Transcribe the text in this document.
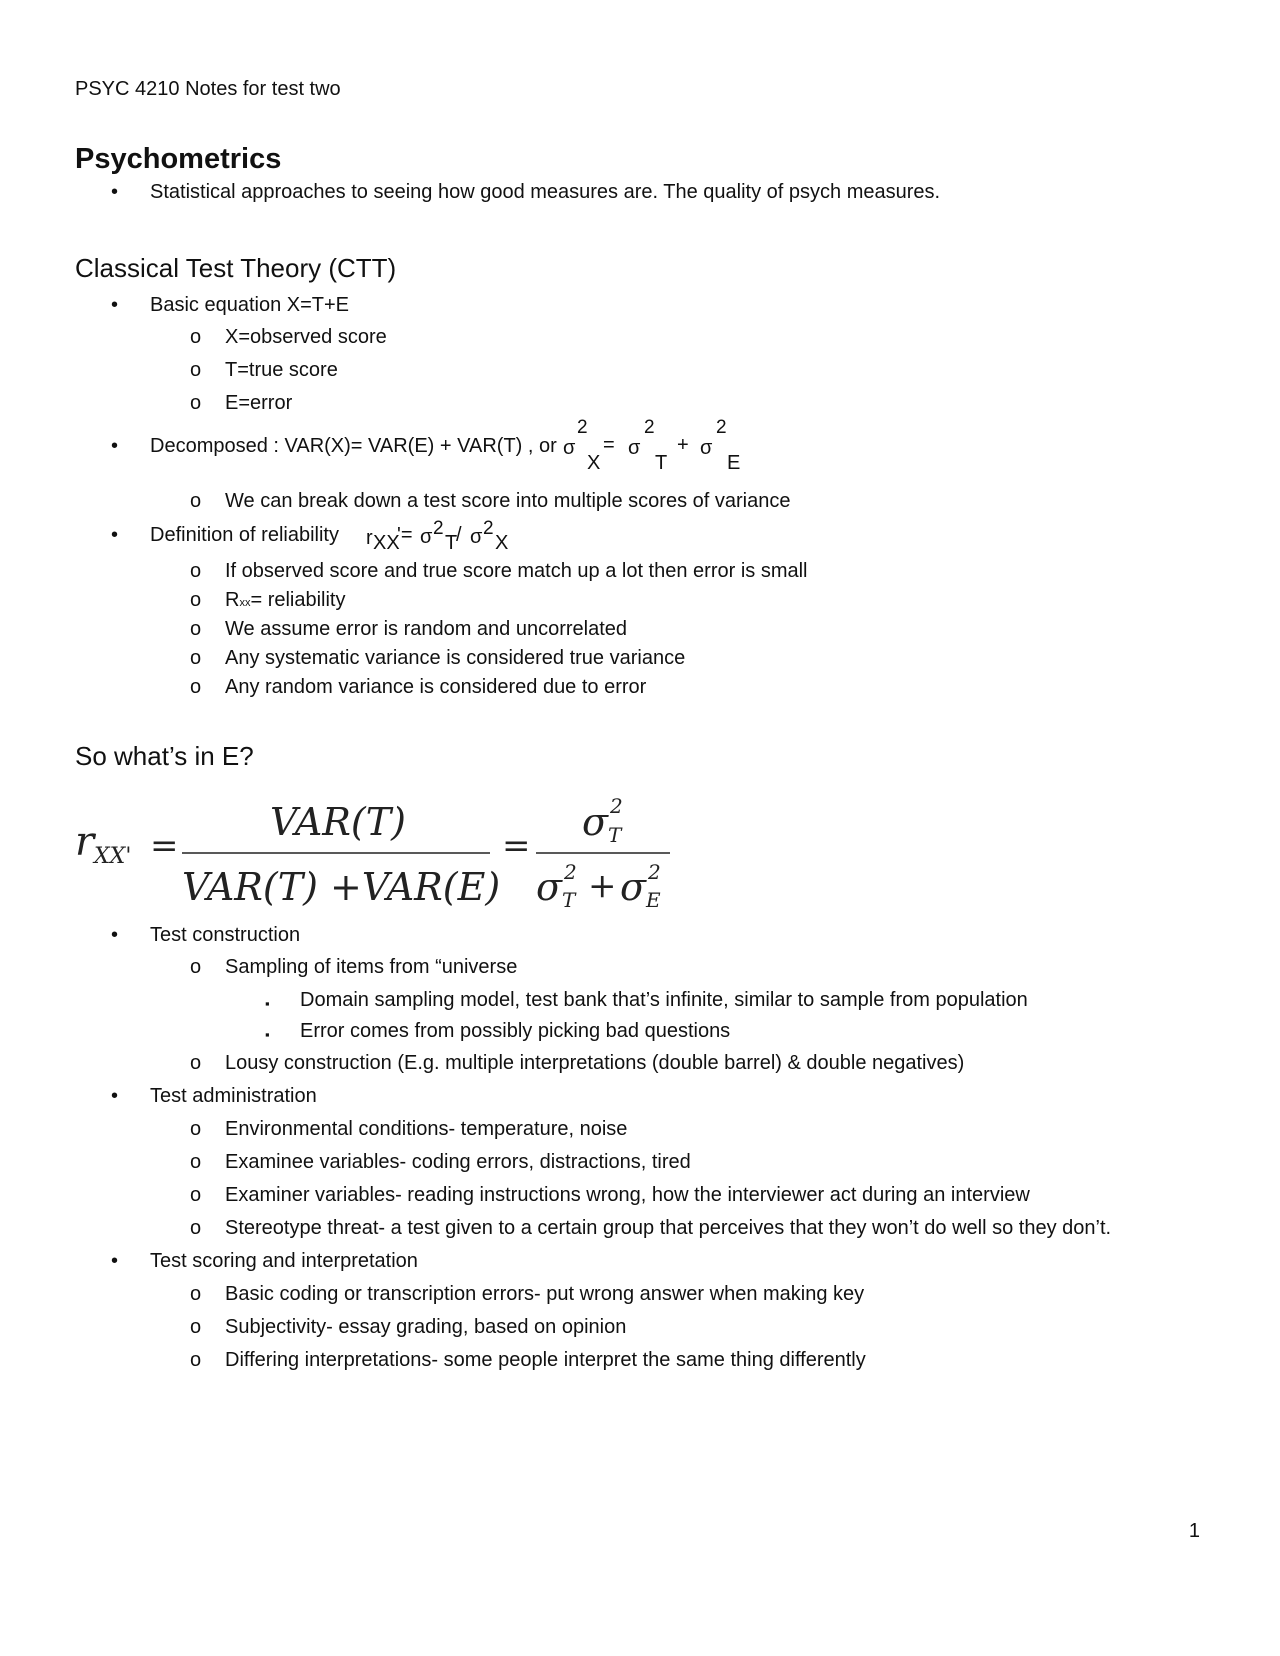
PSYC 4210 Notes for test two
Psychometrics
•
Statistical approaches to seeing how good measures are. The quality of psych measures.
Classical Test Theory (CTT)
•
Basic equation X=T+E
o
X=observed score
o
T=true score
o
E=error
•
Decomposed : VAR(X)= VAR(E) + VAR(T) , or σ
2
X
= σ
2
T
+ σ
2
E
o
We can break down a test score into multiple scores of variance
•
Definition of reliability r XX
'= σ 2
T
/ σ 2
X
o
If observed score and true score match up a lot then error is small
o
Rxx= reliability
o
We assume error is random and uncorrelated
o
Any systematic variance is considered true variance
o
Any random variance is considered due to error
So what’s in E?
r XX' =
VAR(T)
VAR(T) +VAR(E)
=
σ 2
T
σ 2
T + σ 2
E
•
Test construction
o
Sampling of items from “universe
▪
Domain sampling model, test bank that’s infinite, similar to sample from population
▪
Error comes from possibly picking bad questions
o
Lousy construction (E.g. multiple interpretations (double barrel) & double negatives)
•
Test administration
o
Environmental conditions- temperature, noise
o
Examinee variables- coding errors, distractions, tired
o
Examiner variables- reading instructions wrong, how the interviewer act during an interview
o
Stereotype threat- a test given to a certain group that perceives that they won’t do well so they don’t.
•
Test scoring and interpretation
o
Basic coding or transcription errors- put wrong answer when making key
o
Subjectivity- essay grading, based on opinion
o
Differing interpretations- some people interpret the same thing differently
1
